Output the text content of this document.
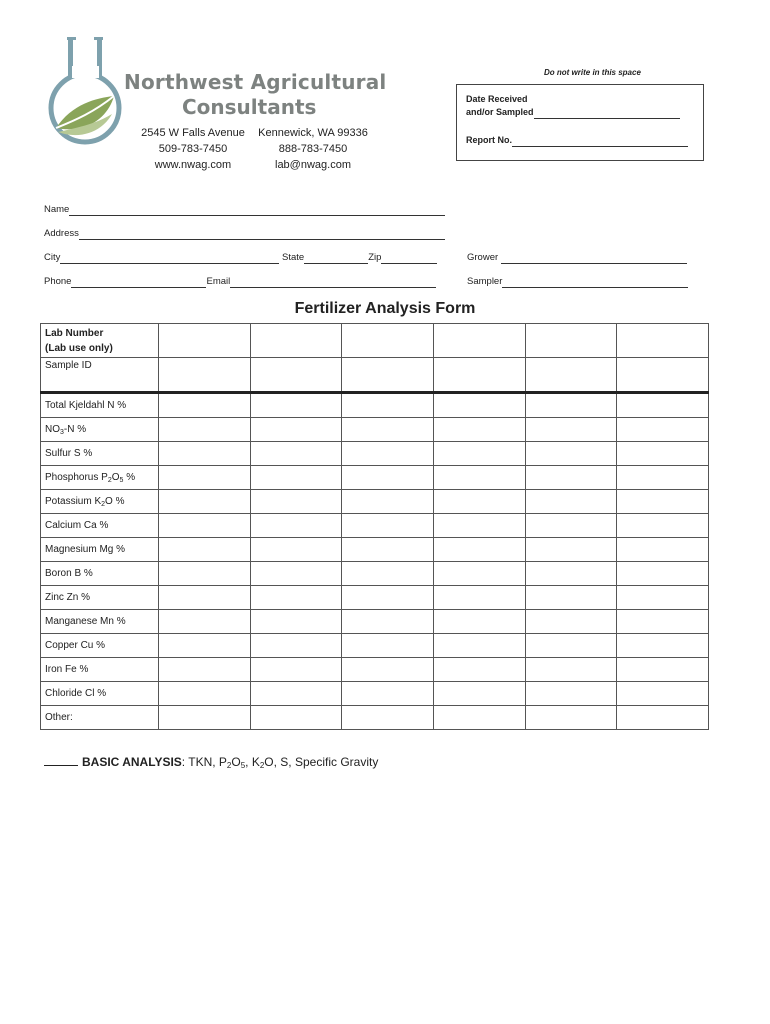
Northwest Agricultural
Consultants
2545 W Falls Avenue
509-783-7450
www.nwag.com
Kennewick, WA 99336
888-783-7450
lab@nwag.com
Do not write in this space
Date Received
and/or Sampled
Report No.
Name
Address
City	State	Zip
Phone	Email
Grower
Sampler
Fertilizer Analysis Form
Lab Number
(Lab use only)						
Sample ID						
Total Kjeldahl N %						
$NO_3-N$ %						
Sulfur S %						
Phosphorus $P_2O_5$ %						
Potassium $K_2O$ %						
Calcium Ca %						
Magnesium Mg %						
Boron B %						
Zinc Zn %						
Manganese Mn %						
Copper Cu %						
Iron Fe %						
Chloride Cl %						
Other:						
BASIC ANALYSIS: TKN, $P_2O_5$, $K_2O$, S, Specific Gravity
